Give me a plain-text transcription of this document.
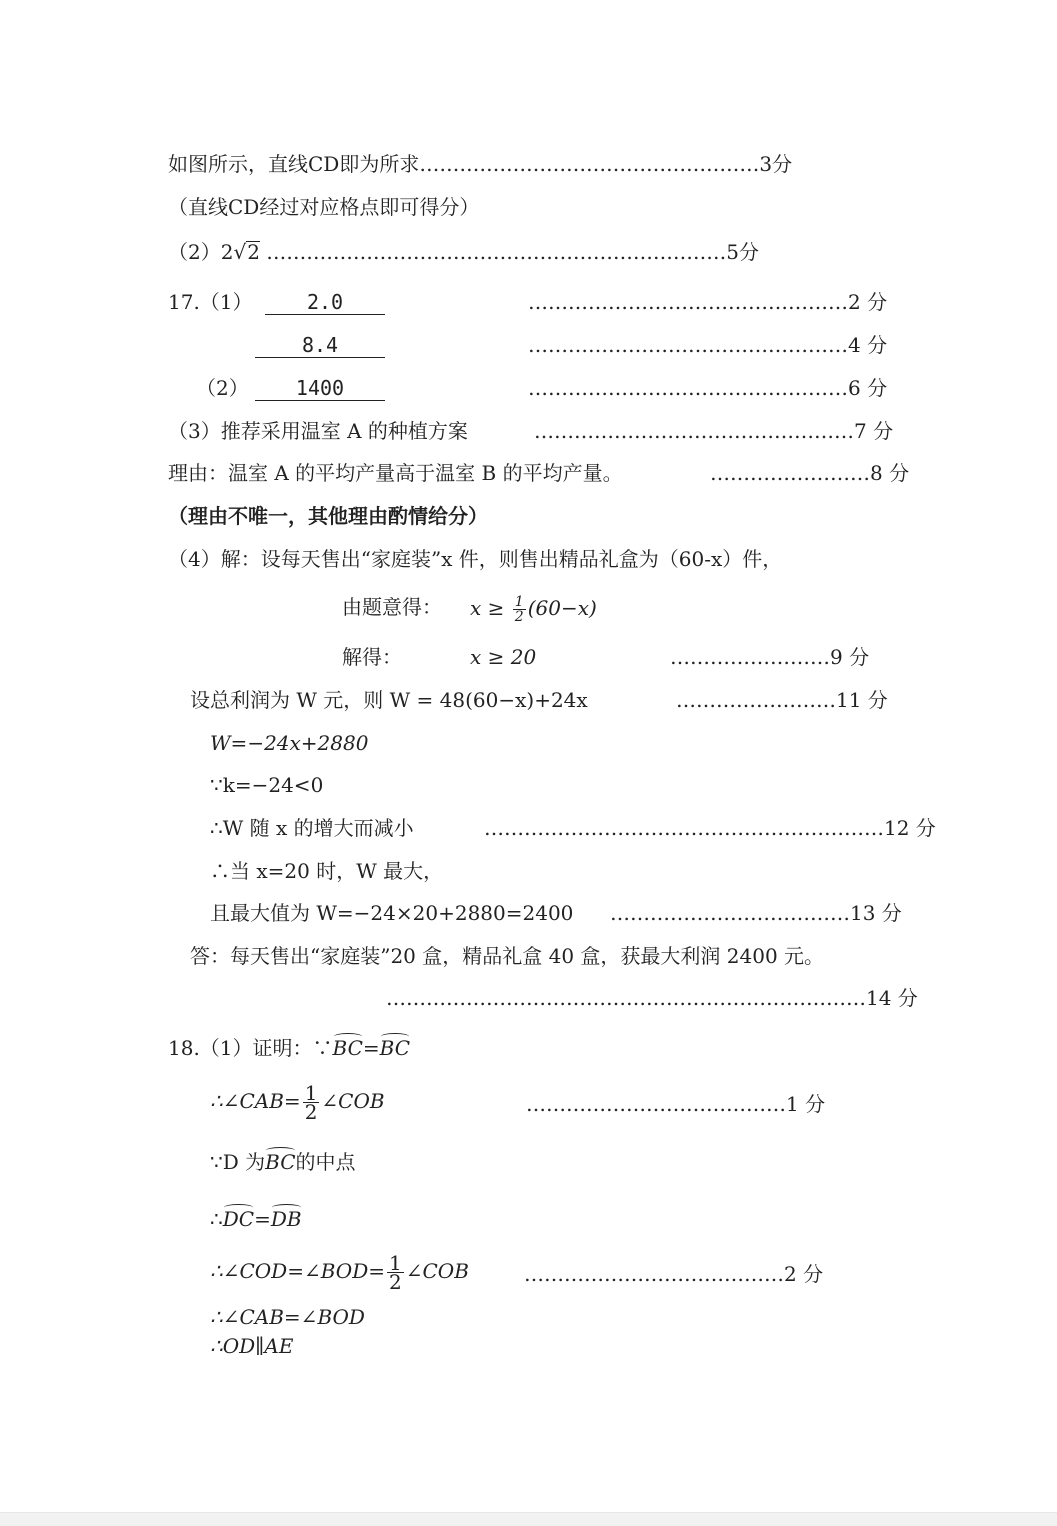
如图所示，直线CD即为所求……………………………………………3分
（直线CD经过对应格点即可得分）
（2）2√2 ……………………………………………………………5分
17.（1）	2.0	…………………………………………2 分
8.4	…………………………………………4 分
（2）	1400	…………………………………………6 分
（3）推荐采用温室 A 的种植方案	…………………………………………7 分
理由：温室 A 的平均产量高于温室 B 的平均产量。	……………………8 分
（理由不唯一，其他理由酌情给分）
（4）解：设每天售出“家庭装”x 件，则售出精品礼盒为（60-x）件，
由题意得： $x \ge \frac{1}{2} (60-x)$
解得：	x ≥ 20	……………………9 分
设总利润为 W 元，则 W = 48(60−x)+24x	……………………11 分
W=−24x+2880
∵k=−24<0
∴W 随 x 的增大而减小	……………………………………………………12 分
∴当 x=20 时，W 最大，
且最大值为 W=−24×20+2880=2400 ………………………………13 分
答：每天售出“家庭装”20 盒，精品礼盒 40 盒，获最大利润 2400 元。
………………………………………………………………14 分
18.（1）证明：∵BC=BC
∴∠CAB= $\frac{1}{2}$ ∠COB	…………………………………1 分
∵D 为BC的中点
∴DC=DB
∴∠COD=∠BOD= $\frac{1}{2}$ ∠COB	…………………………………2 分
∴∠CAB=∠BOD
∴OD∥AE
